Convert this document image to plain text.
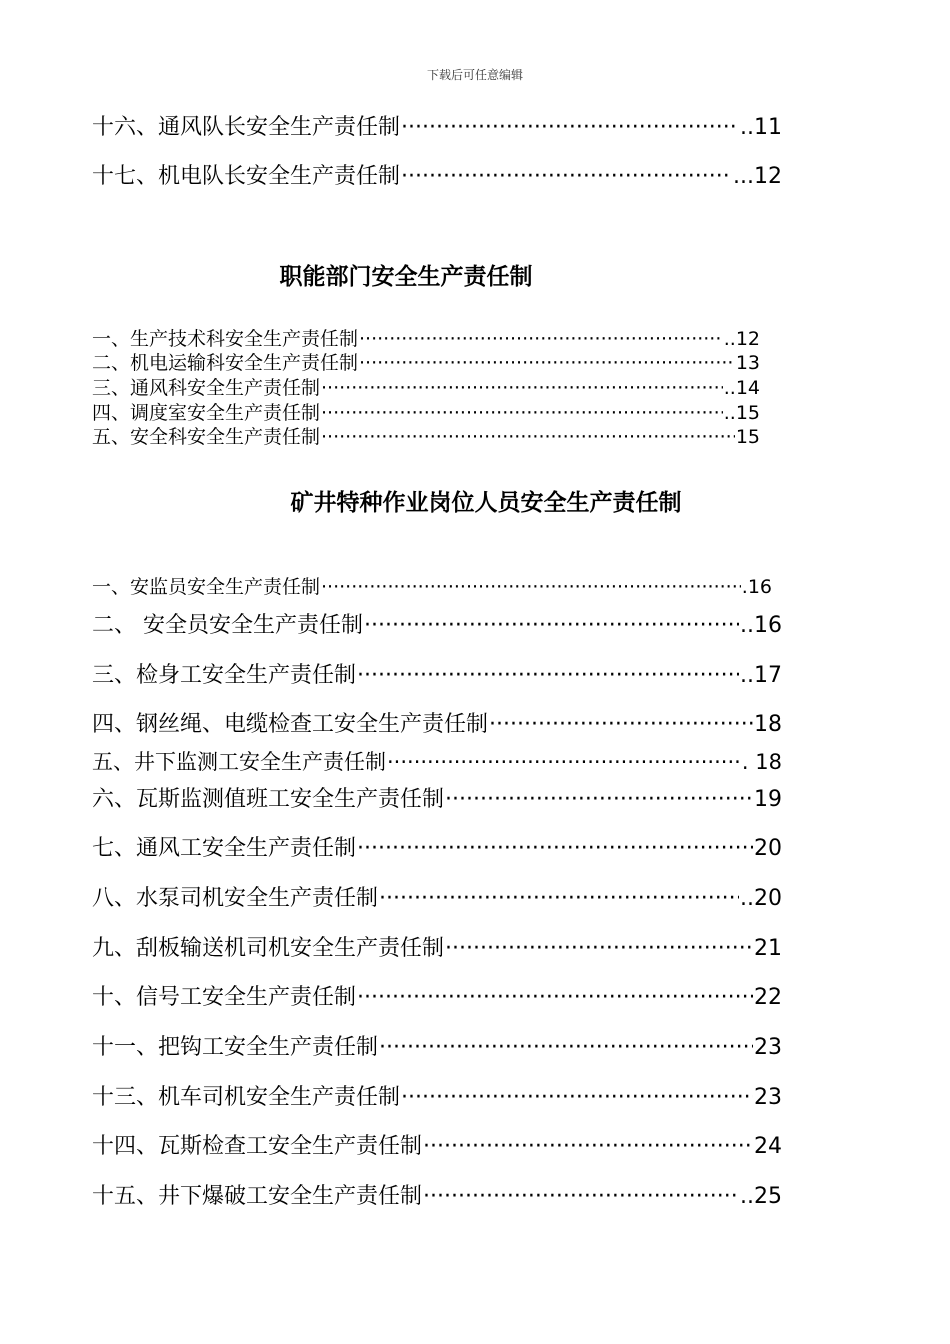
下载后可任意编辑
十六、通风队长安全生产责任制 ·····	..11
十七、机电队长安全生产责任制 ·····	...12
职能部门安全生产责任制
一、生产技术科安全生产责任制 ·····	..12
二、机电运输科安全生产责任制 ·····	13
三、通风科安全生产责任制 ·····	..14
四、调度室安全生产责任制 ·····	..15
五、安全科安全生产责任制 ·····	15
矿井特种作业岗位人员安全生产责任制
一、安监员安全生产责任制 ·····	.16
二、 安全员安全生产责任制 ·····	..16
三、检身工安全生产责任制 ·····	..17
四、钢丝绳、电缆检查工安全生产责任制 ·····	18
五、井下监测工安全生产责任制 ·····	. 18
六、瓦斯监测值班工安全生产责任制 ·····	19
七、通风工安全生产责任制 ·····	20
八、水泵司机安全生产责任制 ·····	..20
九、刮板输送机司机安全生产责任制 ·····	21
十、信号工安全生产责任制 ·····	22
十一、把钩工安全生产责任制 ·····	23
十三、机车司机安全生产责任制 ·····	23
十四、瓦斯检查工安全生产责任制 ·····	24
十五、井下爆破工安全生产责任制 ·····	..25
